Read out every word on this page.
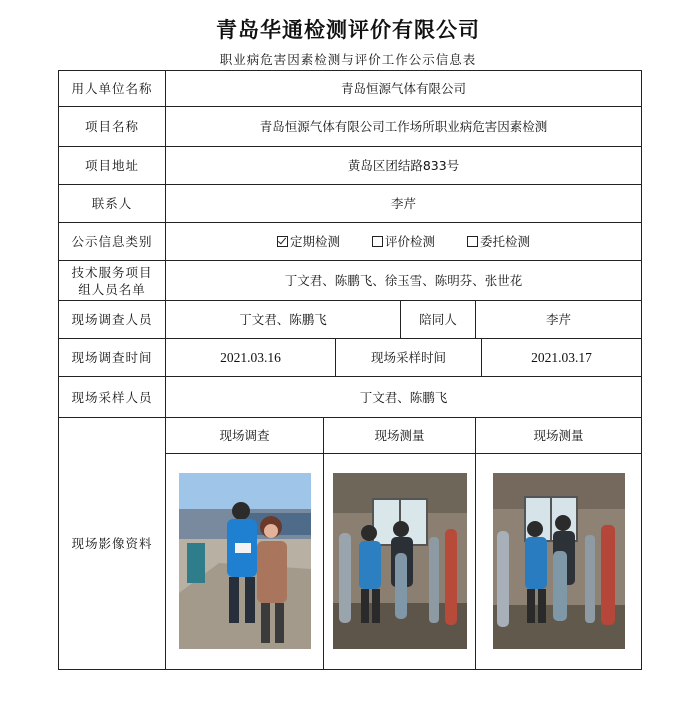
青岛华通检测评价有限公司
职业病危害因素检测与评价工作公示信息表
用人单位名称	青岛恒源气体有限公司					
项目名称	青岛恒源气体有限公司工作场所职业病危害因素检测					
项目地址	黄岛区团结路833号					
联系人	李芹					
公示信息类别	定期检测
评价检测
委托检测					

技术服务项目组人员名单	丁文君、陈鹏飞、徐玉雪、陈明芬、张世花					
现场调查人员	丁文君、陈鹏飞			陪同人	李芹	
现场调查时间	2021.03.16		现场采样时间			2021.03.17
现场采样人员	丁文君、陈鹏飞					
现场影像资料	现场调查	现场测量			现场测量	
